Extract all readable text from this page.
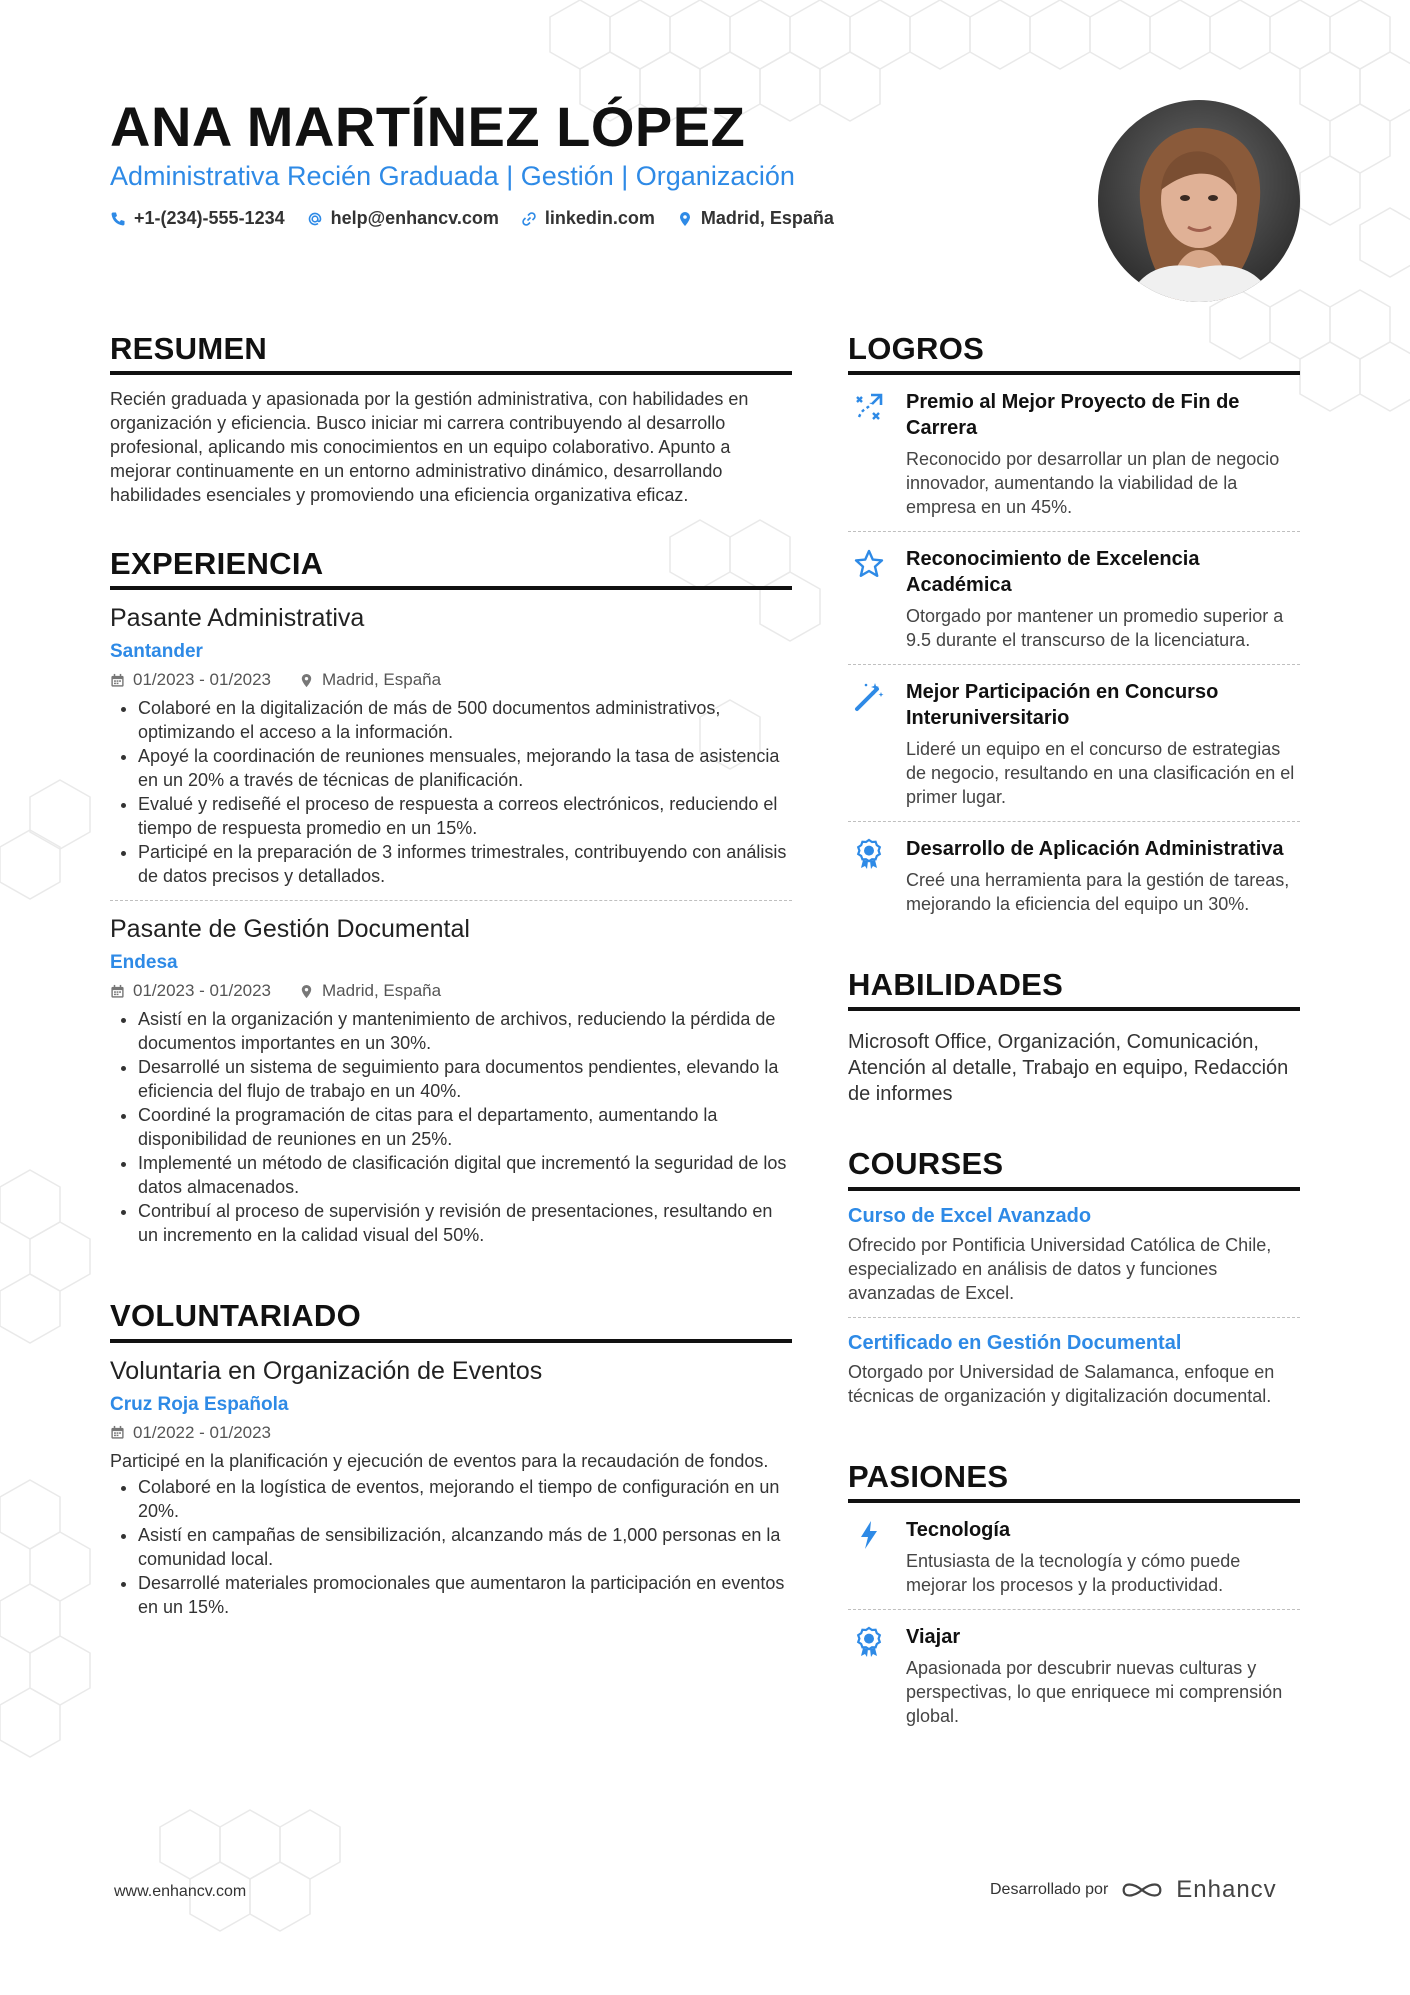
ANA MARTÍNEZ LÓPEZ
Administrativa Recién Graduada | Gestión | Organización
+1-(234)-555-1234	help@enhancv.com	linkedin.com	Madrid, España
RESUMEN
Recién graduada y apasionada por la gestión administrativa, con habilidades en organización y eficiencia. Busco iniciar mi carrera contribuyendo al desarrollo profesional, aplicando mis conocimientos en un equipo colaborativo. Apunto a mejorar continuamente en un entorno administrativo dinámico, desarrollando habilidades esenciales y promoviendo una eficiencia organizativa eficaz.
EXPERIENCIA
Pasante Administrativa
Santander
01/2023 - 01/2023	Madrid, España
• Colaboré en la digitalización de más de 500 documentos administrativos, optimizando el acceso a la información.
• Apoyé la coordinación de reuniones mensuales, mejorando la tasa de asistencia en un 20% a través de técnicas de planificación.
• Evalué y rediseñé el proceso de respuesta a correos electrónicos, reduciendo el tiempo de respuesta promedio en un 15%.
• Participé en la preparación de 3 informes trimestrales, contribuyendo con análisis de datos precisos y detallados.
Pasante de Gestión Documental
Endesa
01/2023 - 01/2023	Madrid, España
• Asistí en la organización y mantenimiento de archivos, reduciendo la pérdida de documentos importantes en un 30%.
• Desarrollé un sistema de seguimiento para documentos pendientes, elevando la eficiencia del flujo de trabajo en un 40%.
• Coordiné la programación de citas para el departamento, aumentando la disponibilidad de reuniones en un 25%.
• Implementé un método de clasificación digital que incrementó la seguridad de los datos almacenados.
• Contribuí al proceso de supervisión y revisión de presentaciones, resultando en un incremento en la calidad visual del 50%.
VOLUNTARIADO
Voluntaria en Organización de Eventos
Cruz Roja Española
01/2022 - 01/2023
Participé en la planificación y ejecución de eventos para la recaudación de fondos.
• Colaboré en la logística de eventos, mejorando el tiempo de configuración en un 20%.
• Asistí en campañas de sensibilización, alcanzando más de 1,000 personas en la comunidad local.
• Desarrollé materiales promocionales que aumentaron la participación en eventos en un 15%.
LOGROS
Premio al Mejor Proyecto de Fin de Carrera
Reconocido por desarrollar un plan de negocio innovador, aumentando la viabilidad de la empresa en un 45%.
Reconocimiento de Excelencia Académica
Otorgado por mantener un promedio superior a 9.5 durante el transcurso de la licenciatura.
Mejor Participación en Concurso Interuniversitario
Lideré un equipo en el concurso de estrategias de negocio, resultando en una clasificación en el primer lugar.
Desarrollo de Aplicación Administrativa
Creé una herramienta para la gestión de tareas, mejorando la eficiencia del equipo un 30%.
HABILIDADES
Microsoft Office, Organización, Comunicación, Atención al detalle, Trabajo en equipo, Redacción de informes
COURSES
Curso de Excel Avanzado
Ofrecido por Pontificia Universidad Católica de Chile, especializado en análisis de datos y funciones avanzadas de Excel.
Certificado en Gestión Documental
Otorgado por Universidad de Salamanca, enfoque en técnicas de organización y digitalización documental.
PASIONES
Tecnología
Entusiasta de la tecnología y cómo puede mejorar los procesos y la productividad.
Viajar
Apasionada por descubrir nuevas culturas y perspectivas, lo que enriquece mi comprensión global.
www.enhancv.com	Desarrollado por	Enhancv
